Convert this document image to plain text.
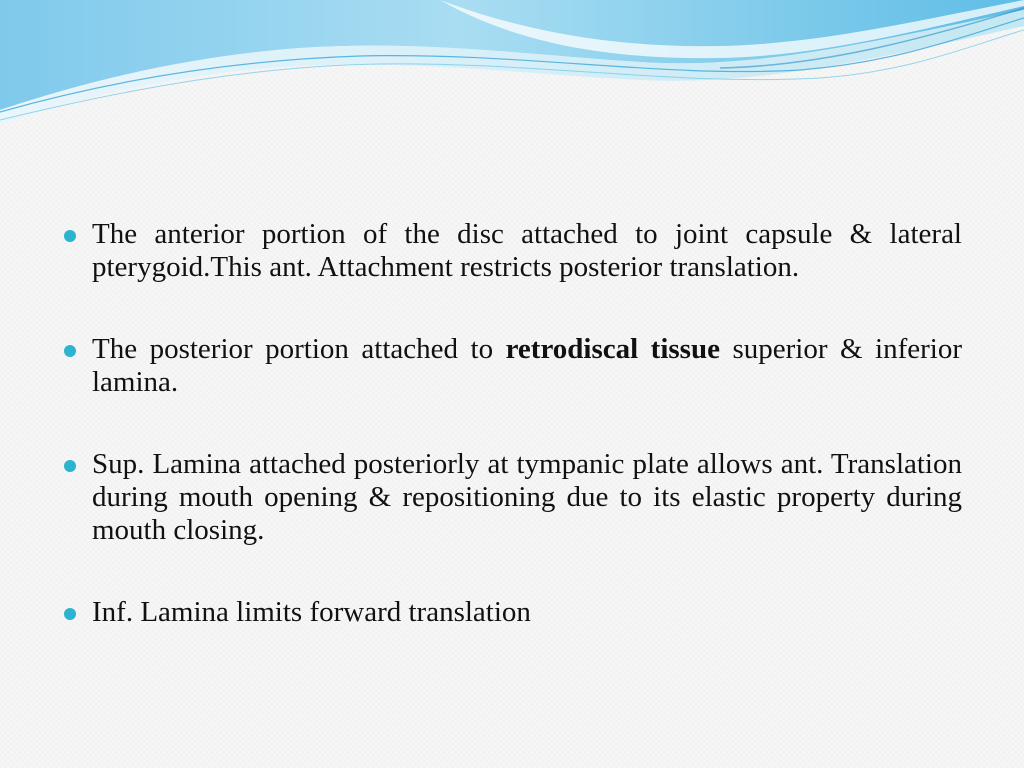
The anterior portion of the disc attached to joint capsule & lateral pterygoid.This ant. Attachment restricts posterior translation.
The posterior portion attached to retrodiscal tissue superior & inferior lamina.
Sup. Lamina attached posteriorly at tympanic plate allows ant. Translation during mouth opening & repositioning due to its elastic property during mouth closing.
Inf. Lamina limits forward translation
